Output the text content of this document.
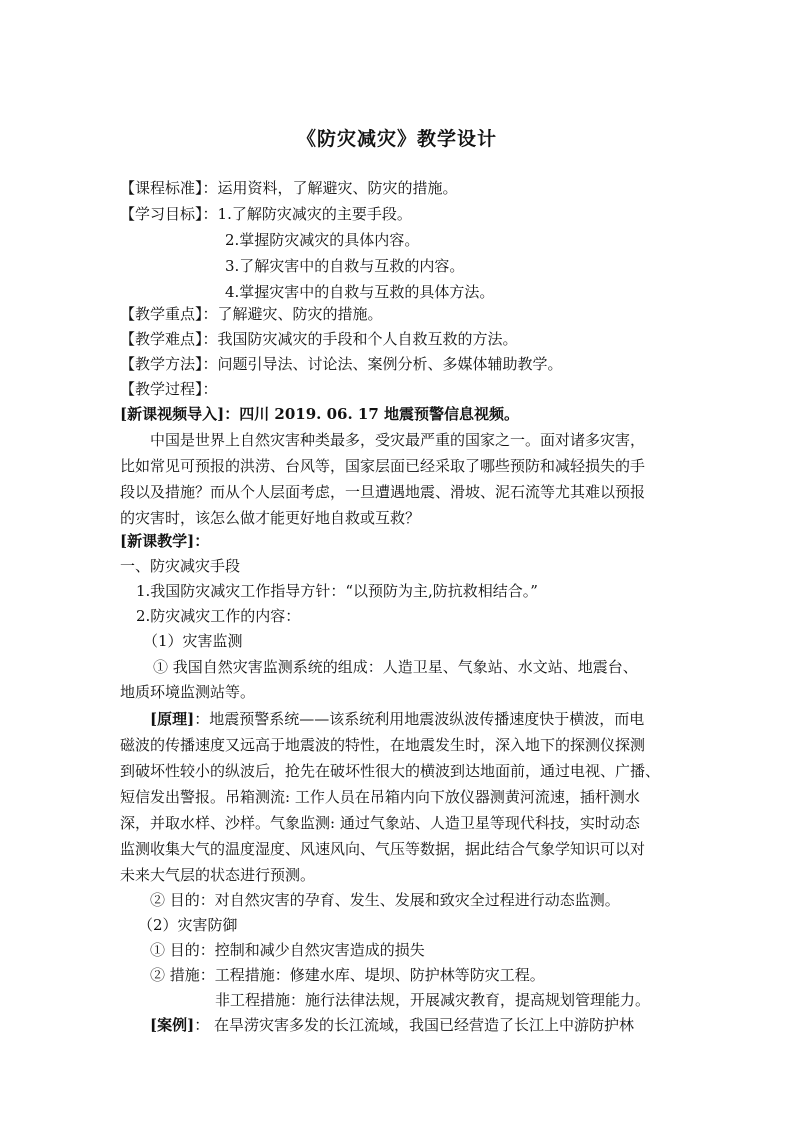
《防灾减灾》教学设计
【课程标准】：运用资料，了解避灾、防灾的措施。
【学习目标】：1.了解防灾减灾的主要手段。
2.掌握防灾减灾的具体内容。
3.了解灾害中的自救与互救的内容。
4.掌握灾害中的自救与互救的具体方法。
【教学重点】：了解避灾、防灾的措施。
【教学难点】：我国防灾减灾的手段和个人自救互救的方法。
【教学方法】：问题引导法、讨论法、案例分析、多媒体辅助教学。
【教学过程】：
[新课视频导入]：四川 2019. 06. 17 地震预警信息视频。
中国是世界上自然灾害种类最多，受灾最严重的国家之一。面对诸多灾害，
比如常见可预报的洪涝、台风等，国家层面已经采取了哪些预防和减轻损失的手
段以及措施？而从个人层面考虑，一旦遭遇地震、滑坡、泥石流等尤其难以预报
的灾害时，该怎么做才能更好地自救或互救？
[新课教学]：
一、防灾减灾手段
1.我国防灾减灾工作指导方针：“以预防为主,防抗救相结合。”
2.防灾减灾工作的内容：
（1）灾害监测
① 我国自然灾害监测系统的组成：人造卫星、气象站、水文站、地震台、
地质环境监测站等。
[原理]：地震预警系统——该系统利用地震波纵波传播速度快于横波，而电
磁波的传播速度又远高于地震波的特性，在地震发生时，深入地下的探测仪探测
到破坏性较小的纵波后，抢先在破坏性很大的横波到达地面前，通过电视、广播、
短信发出警报。吊箱测流: 工作人员在吊箱内向下放仪器测黄河流速，插杆测水
深，并取水样、沙样。气象监测: 通过气象站、人造卫星等现代科技，实时动态
监测收集大气的温度湿度、风速风向、气压等数据，据此结合气象学知识可以对
未来大气层的状态进行预测。
② 目的：对自然灾害的孕育、发生、发展和致灾全过程进行动态监测。
（2）灾害防御
① 目的：控制和减少自然灾害造成的损失
② 措施：工程措施：修建水库、堤坝、防护林等防灾工程。
非工程措施：施行法律法规，开展减灾教育，提高规划管理能力。
[案例]： 在旱涝灾害多发的长江流域，我国已经营造了长江上中游防护林
